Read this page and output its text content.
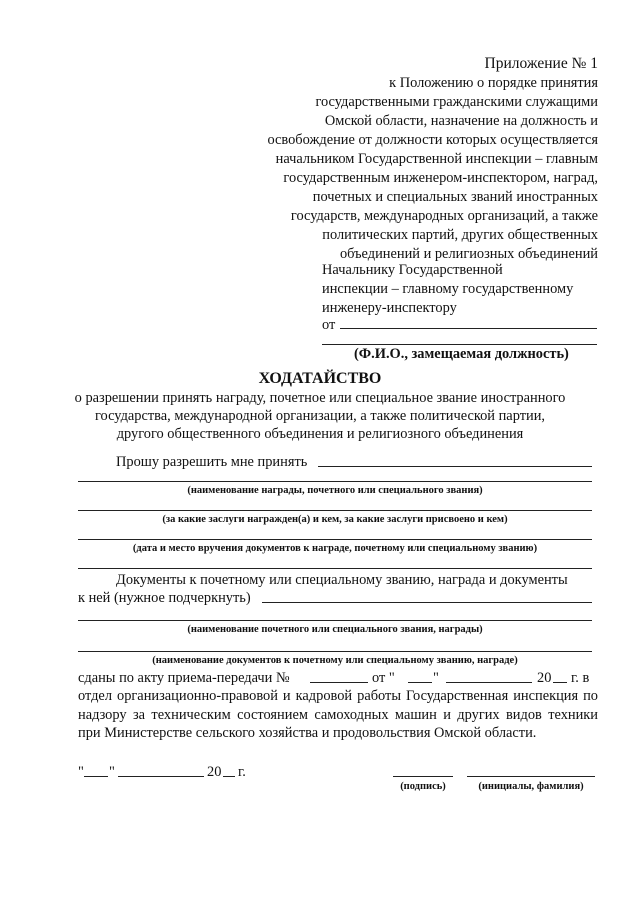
Приложение № 1
к Положению о порядке принятия
государственными гражданскими служащими
Омской области, назначение на должность и
освобождение от должности которых осуществляется
начальником Государственной инспекции – главным
государственным инженером-инспектором, наград,
почетных и специальных званий иностранных
государств, международных организаций, а также
политических партий, других общественных
объединений и религиозных объединений
Начальнику Государственной
инспекции – главному государственному
инженеру-инспектору
от
(Ф.И.О., замещаемая должность)
ХОДАТАЙСТВО
о разрешении принять награду, почетное или специальное звание иностранного
государства, международной организации, а также политической партии,
другого общественного объединения и религиозного объединения
Прошу разрешить мне принять
(наименование награды, почетного или специального звания)
(за какие заслуги награжден(а) и кем, за какие заслуги присвоено и кем)
(дата и место вручения документов к награде, почетному или специальному званию)
Документы к почетному или специальному званию, награда и документы
к ней (нужное подчеркнуть)
(наименование почетного или специального звания, награды)
(наименование документов к почетному или специальному званию, награде)
сданы по акту приема-передачи №	от "	"	20 г. в
отдел организационно-правовой и кадровой работы Государственная инспекция по надзору за техническим состоянием самоходных машин и других видов техники при Министерстве сельского хозяйства и продовольствия Омской области.
" "	20 г.
(подпись)	(инициалы, фамилия)
